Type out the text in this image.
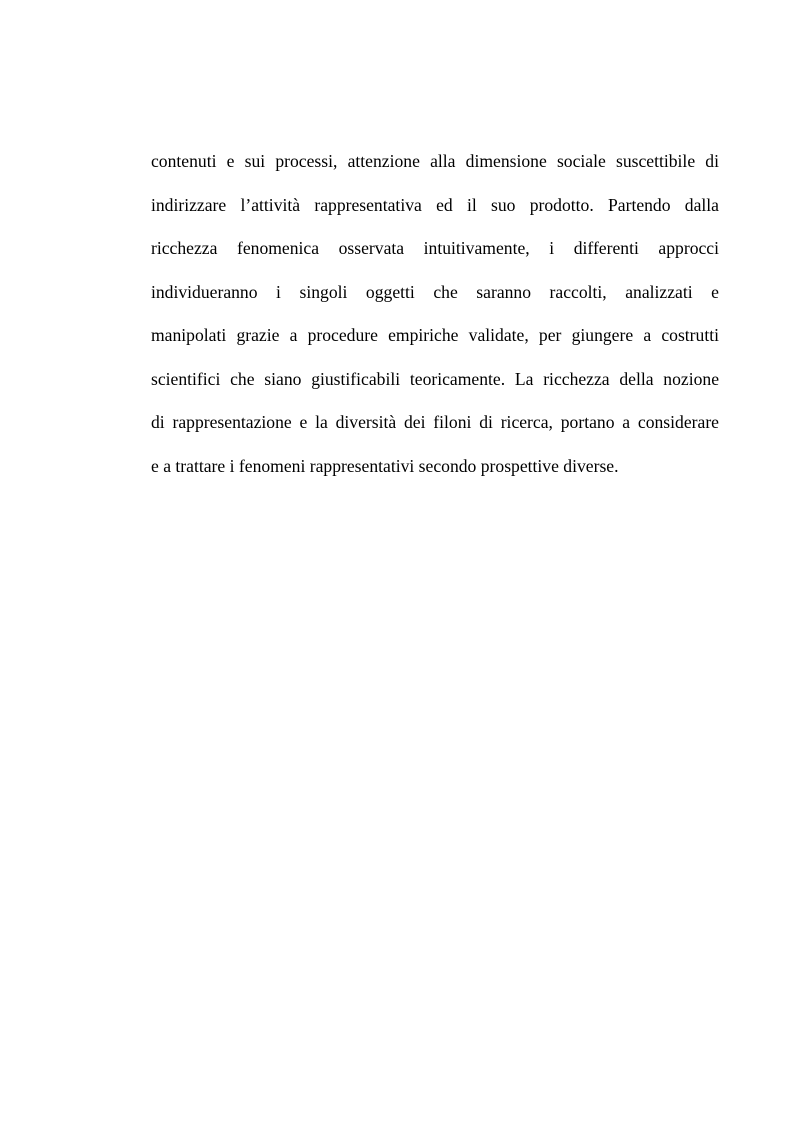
contenuti e sui processi, attenzione alla dimensione sociale suscettibile di
indirizzare l’attività rappresentativa ed il suo prodotto. Partendo dalla
ricchezza fenomenica osservata intuitivamente, i differenti approcci
individueranno i singoli oggetti che saranno raccolti, analizzati e
manipolati grazie a procedure empiriche validate, per giungere a costrutti
scientifici che siano giustificabili teoricamente. La ricchezza della nozione
di rappresentazione e la diversità dei filoni di ricerca, portano a considerare
e a trattare i fenomeni rappresentativi secondo prospettive diverse.
